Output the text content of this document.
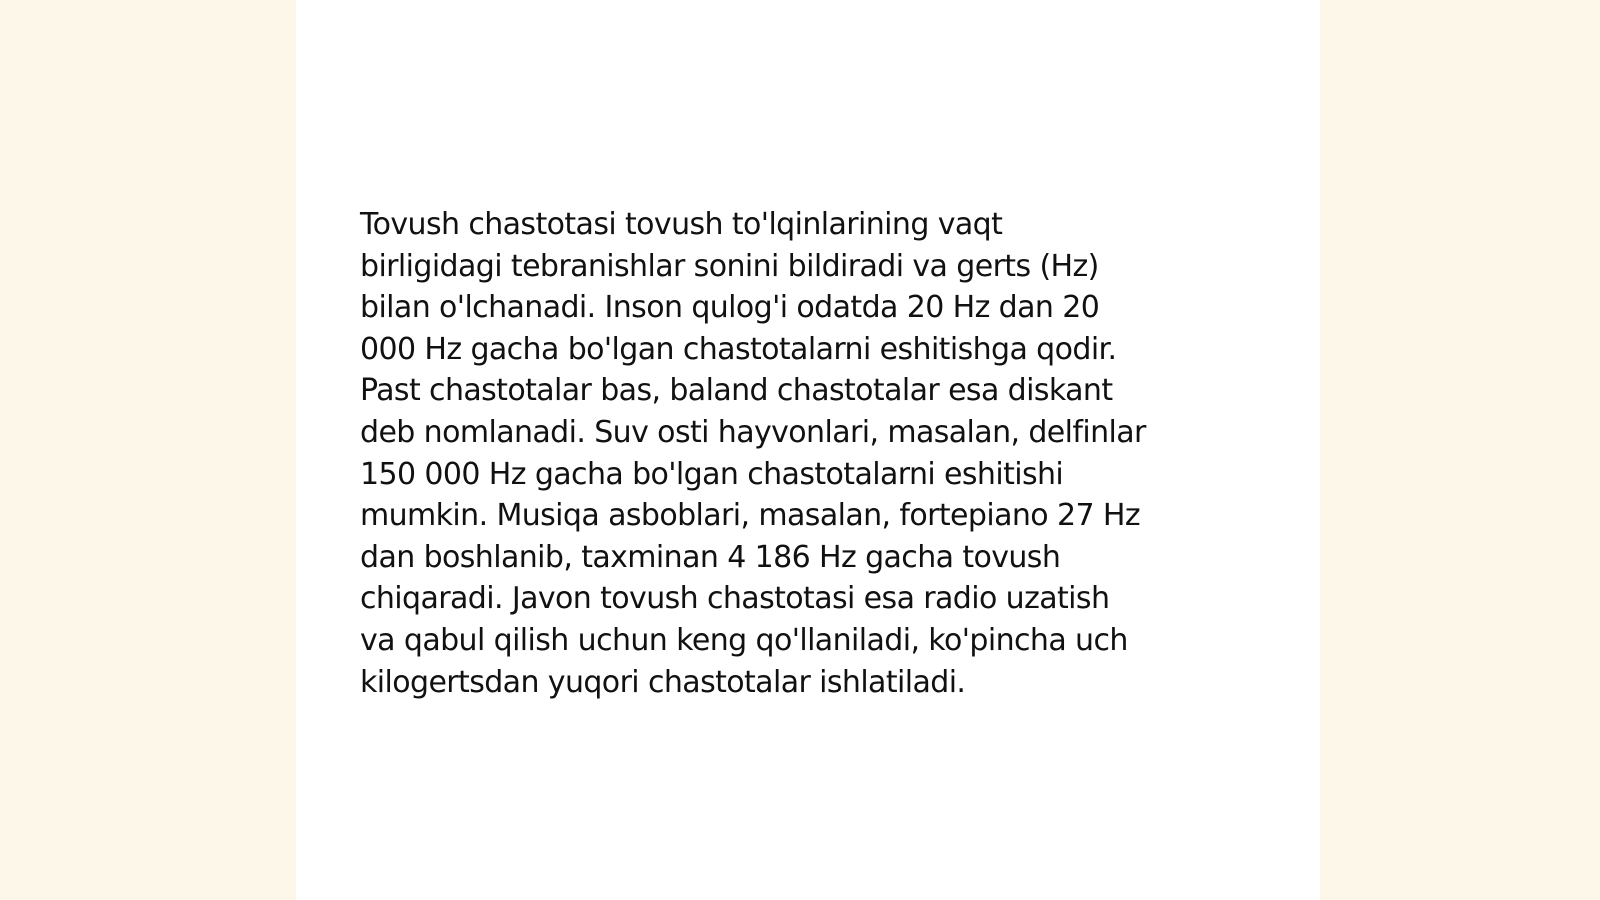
Tovush chastotasi tovush to'lqinlarining vaqt
birligidagi tebranishlar sonini bildiradi va gerts (Hz)
bilan o'lchanadi. Inson qulog'i odatda 20 Hz dan 20
000 Hz gacha bo'lgan chastotalarni eshitishga qodir.
Past chastotalar bas, baland chastotalar esa diskant
deb nomlanadi. Suv osti hayvonlari, masalan, delfinlar
150 000 Hz gacha bo'lgan chastotalarni eshitishi
mumkin. Musiqa asboblari, masalan, fortepiano 27 Hz
dan boshlanib, taxminan 4 186 Hz gacha tovush
chiqaradi. Javon tovush chastotasi esa radio uzatish
va qabul qilish uchun keng qo'llaniladi, ko'pincha uch
kilogertsdan yuqori chastotalar ishlatiladi.
